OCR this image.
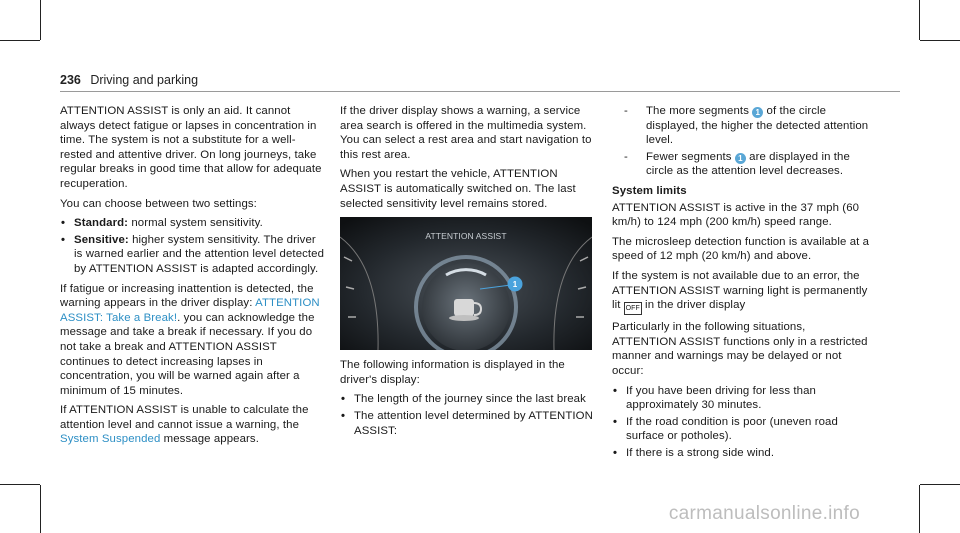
236 Driving and parking

ATTENTION ASSIST is only an aid. It cannot always detect fatigue or lapses in concentration in time. The system is not a substitute for a well-rested and attentive driver. On long journeys, take regular breaks in good time that allow for adequate recuperation.

You can choose between two settings:

• Standard: normal system sensitivity.
• Sensitive: higher system sensitivity. The driver is warned earlier and the attention level detected by ATTENTION ASSIST is adapted accordingly.

If fatigue or increasing inattention is detected, the warning appears in the driver display: ATTENTION ASSIST: Take a Break!. you can acknowledge the message and take a break if necessary. If you do not take a break and ATTENTION ASSIST continues to detect increasing lapses in concentration, you will be warned again after a minimum of 15 minutes.

If ATTENTION ASSIST is unable to calculate the attention level and cannot issue a warning, the System Suspended message appears.

If the driver display shows a warning, a service area search is offered in the multimedia system. You can select a rest area and start navigation to this rest area.

When you restart the vehicle, ATTENTION ASSIST is automatically switched on. The last selected sensitivity level remains stored.

ATTENTION ASSIST
1

The following information is displayed in the driver's display:

• The length of the journey since the last break
• The attention level determined by ATTENTION ASSIST:
- The more segments 1 of the circle displayed, the higher the detected attention level.
- Fewer segments 1 are displayed in the circle as the attention level decreases.
System limits

ATTENTION ASSIST is active in the 37 mph (60 km/h) to 124 mph (200 km/h) speed range.

The microsleep detection function is available at a speed of 12 mph (20 km/h) and above.

If the system is not available due to an error, the ATTENTION ASSIST warning light is permanently lit OFF in the driver display

Particularly in the following situations, ATTENTION ASSIST functions only in a restricted manner and warnings may be delayed or not occur:

• If you have been driving for less than approximately 30 minutes.
• If the road condition is poor (uneven road surface or potholes).
• If there is a strong side wind.
carmanualsonline.info
